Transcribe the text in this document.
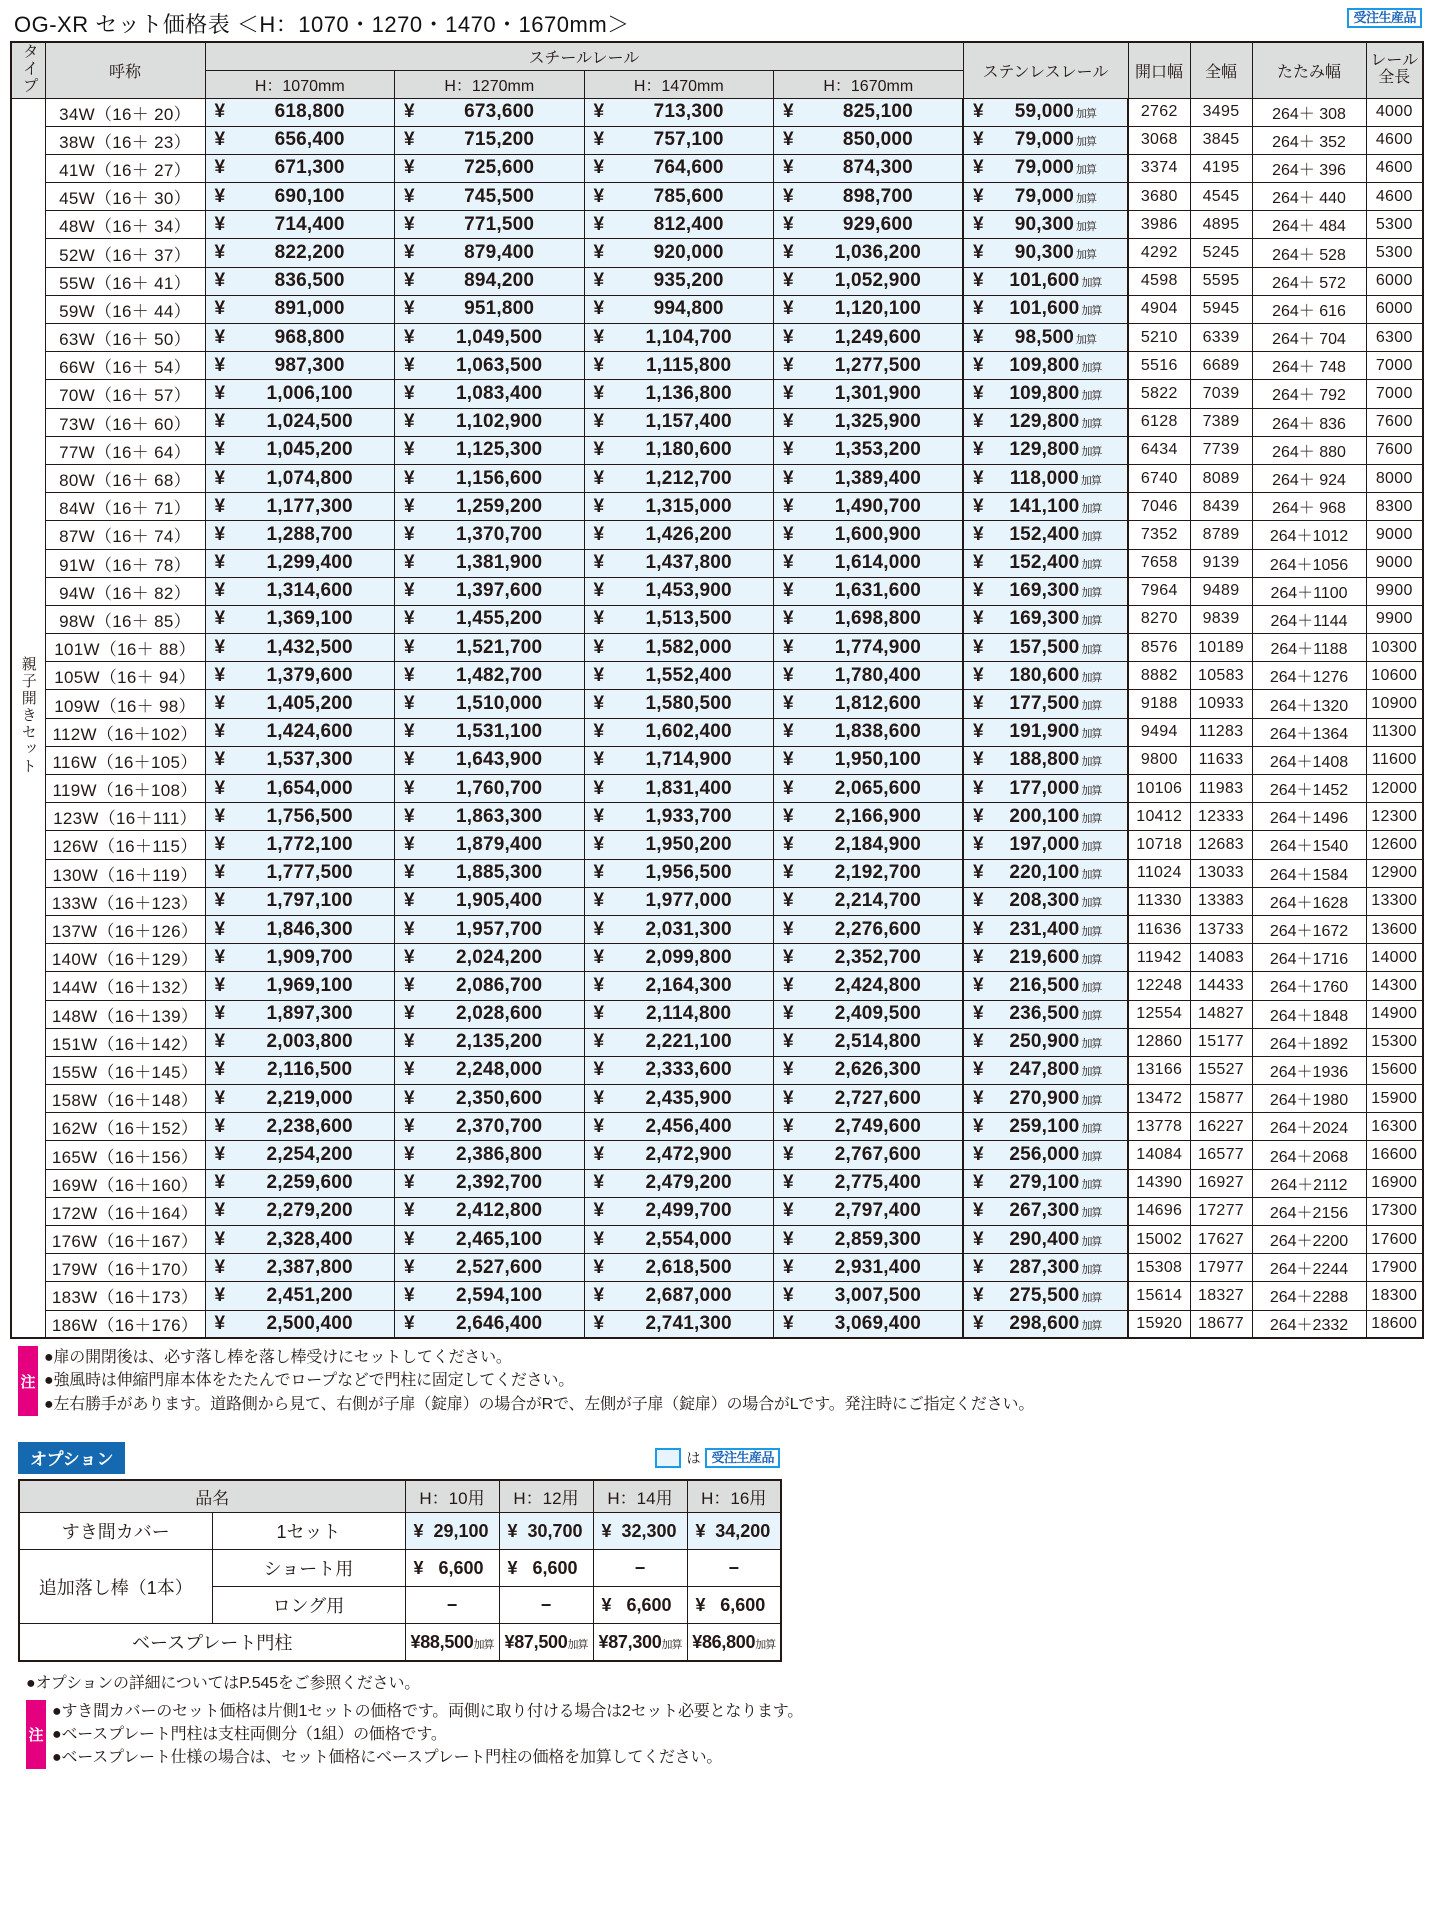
OG-XR セット価格表 ＜H：1070・1270・1470・1670mm＞	受注生産品
タイプ	呼称	スチールレール				ステンレスレール	開口幅	全幅	たたみ幅	レール全長
		H：1070mm	H：1270mm	H：1470mm	H：1670mm					
親子開きセット	34W（16＋ 20）	¥ 618,800	¥ 673,600	¥ 713,300	¥ 825,100	¥ 59,000 加算	2762	3495	264＋ 308	4000
	38W（16＋ 23）	¥ 656,400	¥ 715,200	¥ 757,100	¥ 850,000	¥ 79,000 加算	3068	3845	264＋ 352	4600
	41W（16＋ 27）	¥ 671,300	¥ 725,600	¥ 764,600	¥ 874,300	¥ 79,000 加算	3374	4195	264＋ 396	4600
	45W（16＋ 30）	¥ 690,100	¥ 745,500	¥ 785,600	¥ 898,700	¥ 79,000 加算	3680	4545	264＋ 440	4600
	48W（16＋ 34）	¥ 714,400	¥ 771,500	¥ 812,400	¥ 929,600	¥ 90,300 加算	3986	4895	264＋ 484	5300
	52W（16＋ 37）	¥ 822,200	¥ 879,400	¥ 920,000	¥ 1,036,200	¥ 90,300 加算	4292	5245	264＋ 528	5300
	55W（16＋ 41）	¥ 836,500	¥ 894,200	¥ 935,200	¥ 1,052,900	¥ 101,600 加算	4598	5595	264＋ 572	6000
	59W（16＋ 44）	¥ 891,000	¥ 951,800	¥ 994,800	¥ 1,120,100	¥ 101,600 加算	4904	5945	264＋ 616	6000
	63W（16＋ 50）	¥ 968,800	¥ 1,049,500	¥ 1,104,700	¥ 1,249,600	¥ 98,500 加算	5210	6339	264＋ 704	6300
	66W（16＋ 54）	¥ 987,300	¥ 1,063,500	¥ 1,115,800	¥ 1,277,500	¥ 109,800 加算	5516	6689	264＋ 748	7000
	70W（16＋ 57）	¥ 1,006,100	¥ 1,083,400	¥ 1,136,800	¥ 1,301,900	¥ 109,800 加算	5822	7039	264＋ 792	7000
	73W（16＋ 60）	¥ 1,024,500	¥ 1,102,900	¥ 1,157,400	¥ 1,325,900	¥ 129,800 加算	6128	7389	264＋ 836	7600
	77W（16＋ 64）	¥ 1,045,200	¥ 1,125,300	¥ 1,180,600	¥ 1,353,200	¥ 129,800 加算	6434	7739	264＋ 880	7600
	80W（16＋ 68）	¥ 1,074,800	¥ 1,156,600	¥ 1,212,700	¥ 1,389,400	¥ 118,000 加算	6740	8089	264＋ 924	8000
	84W（16＋ 71）	¥ 1,177,300	¥ 1,259,200	¥ 1,315,000	¥ 1,490,700	¥ 141,100 加算	7046	8439	264＋ 968	8300
	87W（16＋ 74）	¥ 1,288,700	¥ 1,370,700	¥ 1,426,200	¥ 1,600,900	¥ 152,400 加算	7352	8789	264＋1012	9000
	91W（16＋ 78）	¥ 1,299,400	¥ 1,381,900	¥ 1,437,800	¥ 1,614,000	¥ 152,400 加算	7658	9139	264＋1056	9000
	94W（16＋ 82）	¥ 1,314,600	¥ 1,397,600	¥ 1,453,900	¥ 1,631,600	¥ 169,300 加算	7964	9489	264＋1100	9900
	98W（16＋ 85）	¥ 1,369,100	¥ 1,455,200	¥ 1,513,500	¥ 1,698,800	¥ 169,300 加算	8270	9839	264＋1144	9900
	101W（16＋ 88）	¥ 1,432,500	¥ 1,521,700	¥ 1,582,000	¥ 1,774,900	¥ 157,500 加算	8576	10189	264＋1188	10300
	105W（16＋ 94）	¥ 1,379,600	¥ 1,482,700	¥ 1,552,400	¥ 1,780,400	¥ 180,600 加算	8882	10583	264＋1276	10600
	109W（16＋ 98）	¥ 1,405,200	¥ 1,510,000	¥ 1,580,500	¥ 1,812,600	¥ 177,500 加算	9188	10933	264＋1320	10900
	112W（16＋102）	¥ 1,424,600	¥ 1,531,100	¥ 1,602,400	¥ 1,838,600	¥ 191,900 加算	9494	11283	264＋1364	11300
	116W（16＋105）	¥ 1,537,300	¥ 1,643,900	¥ 1,714,900	¥ 1,950,100	¥ 188,800 加算	9800	11633	264＋1408	11600
	119W（16＋108）	¥ 1,654,000	¥ 1,760,700	¥ 1,831,400	¥ 2,065,600	¥ 177,000 加算	10106	11983	264＋1452	12000
	123W（16＋111）	¥ 1,756,500	¥ 1,863,300	¥ 1,933,700	¥ 2,166,900	¥ 200,100 加算	10412	12333	264＋1496	12300
	126W（16＋115）	¥ 1,772,100	¥ 1,879,400	¥ 1,950,200	¥ 2,184,900	¥ 197,000 加算	10718	12683	264＋1540	12600
	130W（16＋119）	¥ 1,777,500	¥ 1,885,300	¥ 1,956,500	¥ 2,192,700	¥ 220,100 加算	11024	13033	264＋1584	12900
	133W（16＋123）	¥ 1,797,100	¥ 1,905,400	¥ 1,977,000	¥ 2,214,700	¥ 208,300 加算	11330	13383	264＋1628	13300
	137W（16＋126）	¥ 1,846,300	¥ 1,957,700	¥ 2,031,300	¥ 2,276,600	¥ 231,400 加算	11636	13733	264＋1672	13600
	140W（16＋129）	¥ 1,909,700	¥ 2,024,200	¥ 2,099,800	¥ 2,352,700	¥ 219,600 加算	11942	14083	264＋1716	14000
	144W（16＋132）	¥ 1,969,100	¥ 2,086,700	¥ 2,164,300	¥ 2,424,800	¥ 216,500 加算	12248	14433	264＋1760	14300
	148W（16＋139）	¥ 1,897,300	¥ 2,028,600	¥ 2,114,800	¥ 2,409,500	¥ 236,500 加算	12554	14827	264＋1848	14900
	151W（16＋142）	¥ 2,003,800	¥ 2,135,200	¥ 2,221,100	¥ 2,514,800	¥ 250,900 加算	12860	15177	264＋1892	15300
	155W（16＋145）	¥ 2,116,500	¥ 2,248,000	¥ 2,333,600	¥ 2,626,300	¥ 247,800 加算	13166	15527	264＋1936	15600
	158W（16＋148）	¥ 2,219,000	¥ 2,350,600	¥ 2,435,900	¥ 2,727,600	¥ 270,900 加算	13472	15877	264＋1980	15900
	162W（16＋152）	¥ 2,238,600	¥ 2,370,700	¥ 2,456,400	¥ 2,749,600	¥ 259,100 加算	13778	16227	264＋2024	16300
	165W（16＋156）	¥ 2,254,200	¥ 2,386,800	¥ 2,472,900	¥ 2,767,600	¥ 256,000 加算	14084	16577	264＋2068	16600
	169W（16＋160）	¥ 2,259,600	¥ 2,392,700	¥ 2,479,200	¥ 2,775,400	¥ 279,100 加算	14390	16927	264＋2112	16900
	172W（16＋164）	¥ 2,279,200	¥ 2,412,800	¥ 2,499,700	¥ 2,797,400	¥ 267,300 加算	14696	17277	264＋2156	17300
	176W（16＋167）	¥ 2,328,400	¥ 2,465,100	¥ 2,554,000	¥ 2,859,300	¥ 290,400 加算	15002	17627	264＋2200	17600
	179W（16＋170）	¥ 2,387,800	¥ 2,527,600	¥ 2,618,500	¥ 2,931,400	¥ 287,300 加算	15308	17977	264＋2244	17900
	183W（16＋173）	¥ 2,451,200	¥ 2,594,100	¥ 2,687,000	¥ 3,007,500	¥ 275,500 加算	15614	18327	264＋2288	18300
	186W（16＋176）	¥ 2,500,400	¥ 2,646,400	¥ 2,741,300	¥ 3,069,400	¥ 298,600 加算	15920	18677	264＋2332	18600
注
●扉の開閉後は、必す落し棒を落し棒受けにセットしてください。
●強風時は伸縮門扉本体をたたんでロープなどで門柱に固定してください。
●左右勝手があります。道路側から見て、右側が子扉（錠扉）の場合がRで、左側が子扉（錠扉）の場合がLです。発注時にご指定ください。
オプション	は 受注生産品
品名		H：10用	H：12用	H：14用	H：16用
すき間カバー	1セット	¥ 29,100	¥ 30,700	¥ 32,300	¥ 34,200
追加落し棒（1本）	ショート用	¥ 6,600	¥ 6,600	−	−
	ロング用	−	−	¥ 6,600	¥ 6,600
ベースプレート門柱		¥88,500加算	¥87,500加算	¥87,300加算	¥86,800加算
●オプションの詳細についてはP.545をご参照ください。
注
●すき間カバーのセット価格は片側1セットの価格です。両側に取り付ける場合は2セット必要となります。
●ベースプレート門柱は支柱両側分（1組）の価格です。
●ベースプレート仕様の場合は、セット価格にベースプレート門柱の価格を加算してください。
